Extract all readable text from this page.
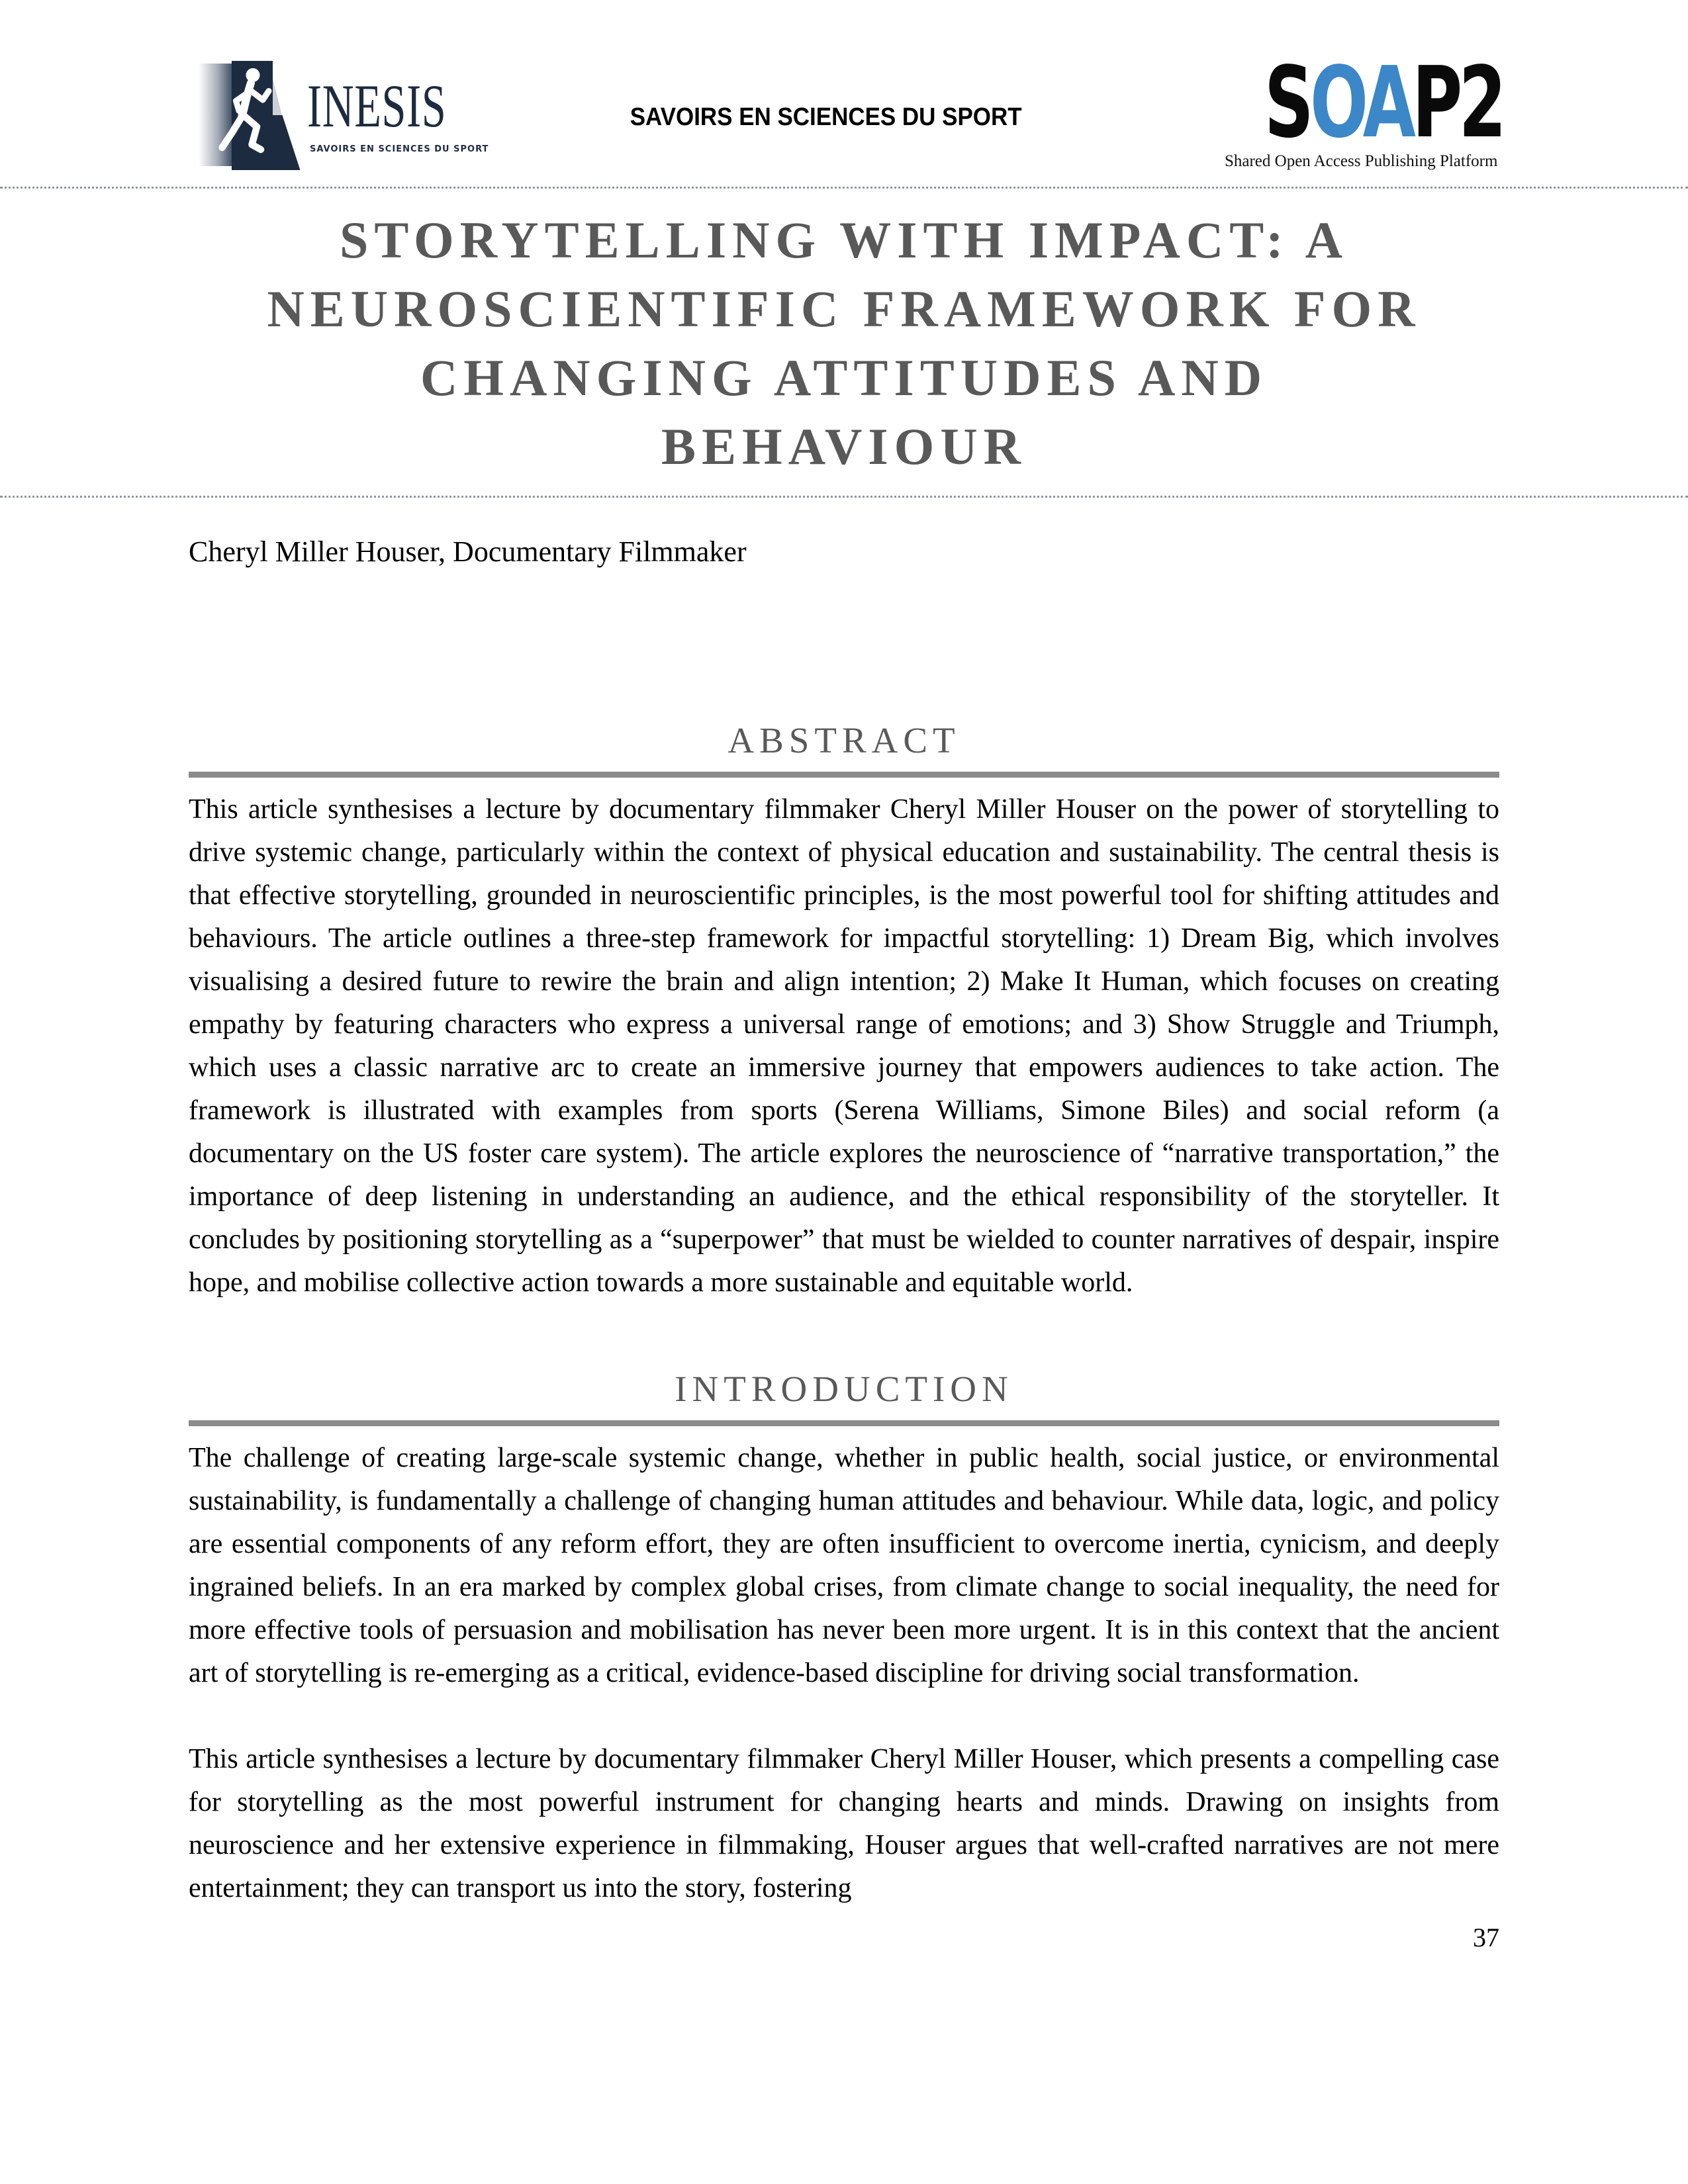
INESIS
SAVOIRS EN SCIENCES DU SPORT
SAVOIRS EN SCIENCES DU SPORT SOAP2
Shared Open Access Publishing Platform
STORYTELLING WITH IMPACT: A
NEUROSCIENTIFIC FRAMEWORK FOR
CHANGING ATTITUDES AND
BEHAVIOUR
Cheryl Miller Houser, Documentary Filmmaker
ABSTRACT

This article synthesises a lecture by documentary filmmaker Cheryl Miller Houser on the power of storytelling to drive systemic change, particularly within the context of physical education and sustainability. The central thesis is that effective storytelling, grounded in neuroscientific principles, is the most powerful tool for shifting attitudes and behaviours. The article outlines a three-step framework for impactful storytelling: 1) Dream Big, which involves visualising a desired future to rewire the brain and align intention; 2) Make It Human, which focuses on creating empathy by featuring characters who express a universal range of emotions; and 3) Show Struggle and Triumph, which uses a classic narrative arc to create an immersive journey that empowers audiences to take action. The framework is illustrated with examples from sports (Serena Williams, Simone Biles) and social reform (a documentary on the US foster care system). The article explores the neuroscience of “narrative transportation,” the importance of deep listening in understanding an audience, and the ethical responsibility of the storyteller. It concludes by positioning storytelling as a “superpower” that must be wielded to counter narratives of despair, inspire hope, and mobilise collective action towards a more sustainable and equitable world.

INTRODUCTION

The challenge of creating large-scale systemic change, whether in public health, social justice, or environmental sustainability, is fundamentally a challenge of changing human attitudes and behaviour. While data, logic, and policy are essential components of any reform effort, they are often insufficient to overcome inertia, cynicism, and deeply ingrained beliefs. In an era marked by complex global crises, from climate change to social inequality, the need for more effective tools of persuasion and mobilisation has never been more urgent. It is in this context that the ancient art of storytelling is re-emerging as a critical, evidence-based discipline for driving social transformation.

This article synthesises a lecture by documentary filmmaker Cheryl Miller Houser, which presents a compelling case for storytelling as the most powerful instrument for changing hearts and minds. Drawing on insights from neuroscience and her extensive experience in filmmaking, Houser argues that well-crafted narratives are not mere entertainment; they can transport us into the story, fostering

37
